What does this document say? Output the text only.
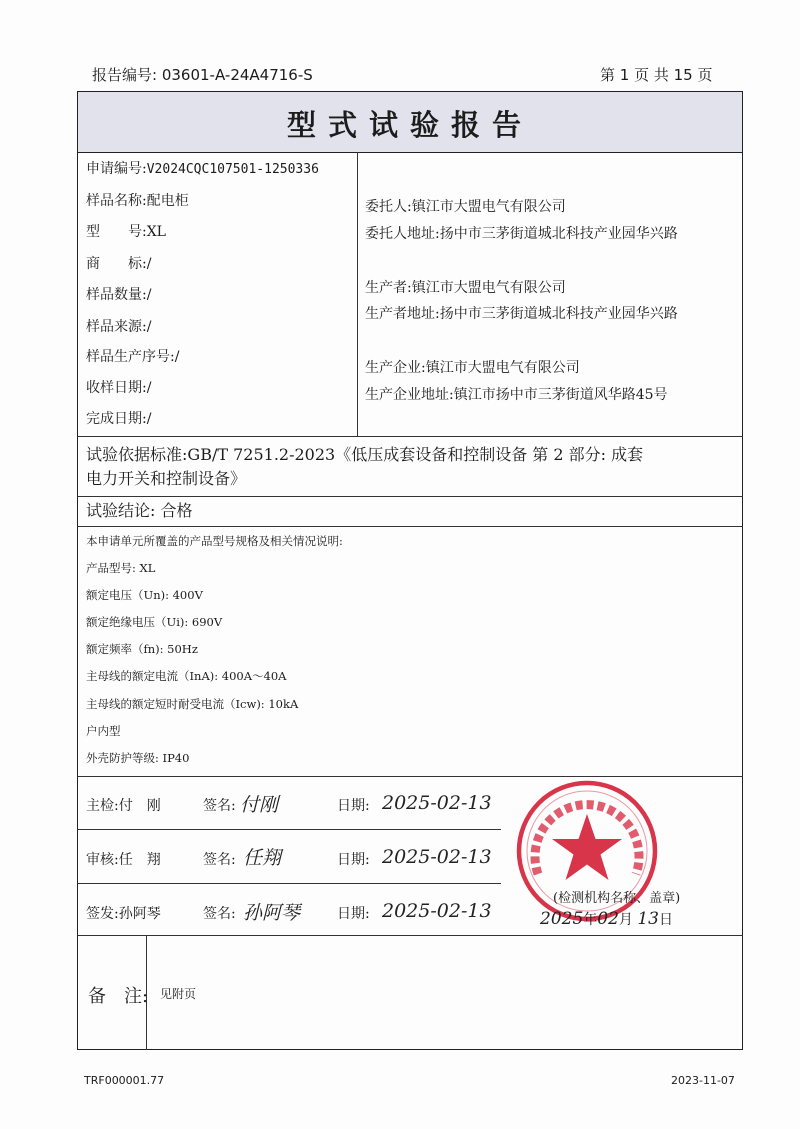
报告编号: 03601-A-24A4716-S	第 1 页 共 15 页
型式试验报告
申请编号:V2024CQC107501-1250336
样品名称:配电柜
型　　号:XL
商　　标:/
样品数量:/
样品来源:/
样品生产序号:/
收样日期:/
完成日期:/
委托人:镇江市大盟电气有限公司
委托人地址:扬中市三茅街道城北科技产业园华兴路
生产者:镇江市大盟电气有限公司
生产者地址:扬中市三茅街道城北科技产业园华兴路
生产企业:镇江市大盟电气有限公司
生产企业地址:镇江市扬中市三茅街道风华路45号
试验依据标准:GB/T 7251.2-2023《低压成套设备和控制设备 第 2 部分: 成套
电力开关和控制设备》
试验结论: 合格
本申请单元所覆盖的产品型号规格及相关情况说明:
产品型号: XL
额定电压（Un): 400V
额定绝缘电压（Ui): 690V
额定频率（fn): 50Hz
主母线的额定电流（InA): 400A～40A
主母线的额定短时耐受电流（Icw): 10kA
户内型
外壳防护等级: IP40
主检:付　刚	签名: 付刚	日期: 2025-02-13
审核:任　翔	签名: 任翔	日期: 2025-02-13
签发:孙阿琴	签名: 孙阿琴	日期: 2025-02-13
(检测机构名称、盖章)
2025年02月 13日
备　注: 见附页
TRF000001.77	2023-11-07
